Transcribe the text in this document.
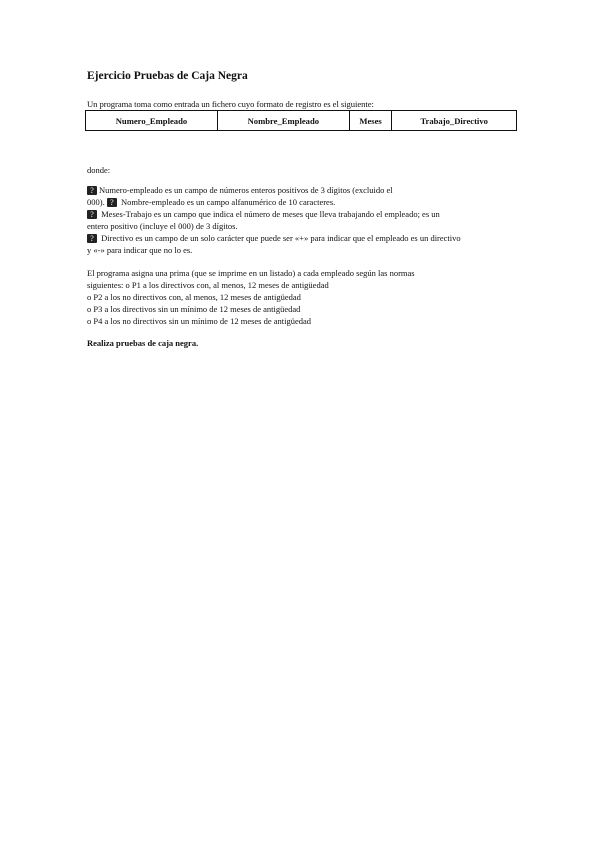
Ejercicio Pruebas de Caja Negra
Un programa toma como entrada un fichero cuyo formato de registro es el siguiente:
Numero_Empleado	Nombre_Empleado	Meses	Trabajo_Directivo
donde:
? Numero-empleado es un campo de números enteros positivos de 3 dígitos (excluido el
000). ? Nombre-empleado es un campo alfanumérico de 10 caracteres.
? Meses-Trabajo es un campo que indica el número de meses que lleva trabajando el empleado; es un
entero positivo (incluye el 000) de 3 dígitos.
? Directivo es un campo de un solo carácter que puede ser «+» para indicar que el empleado es un directivo
y «-» para indicar que no lo es.
El programa asigna una prima (que se imprime en un listado) a cada empleado según las normas
siguientes: o P1 a los directivos con, al menos, 12 meses de antigüedad
o P2 a los no directivos con, al menos, 12 meses de antigüedad
o P3 a los directivos sin un mínimo de 12 meses de antigüedad
o P4 a los no directivos sin un mínimo de 12 meses de antigüedad
Realiza pruebas de caja negra.
